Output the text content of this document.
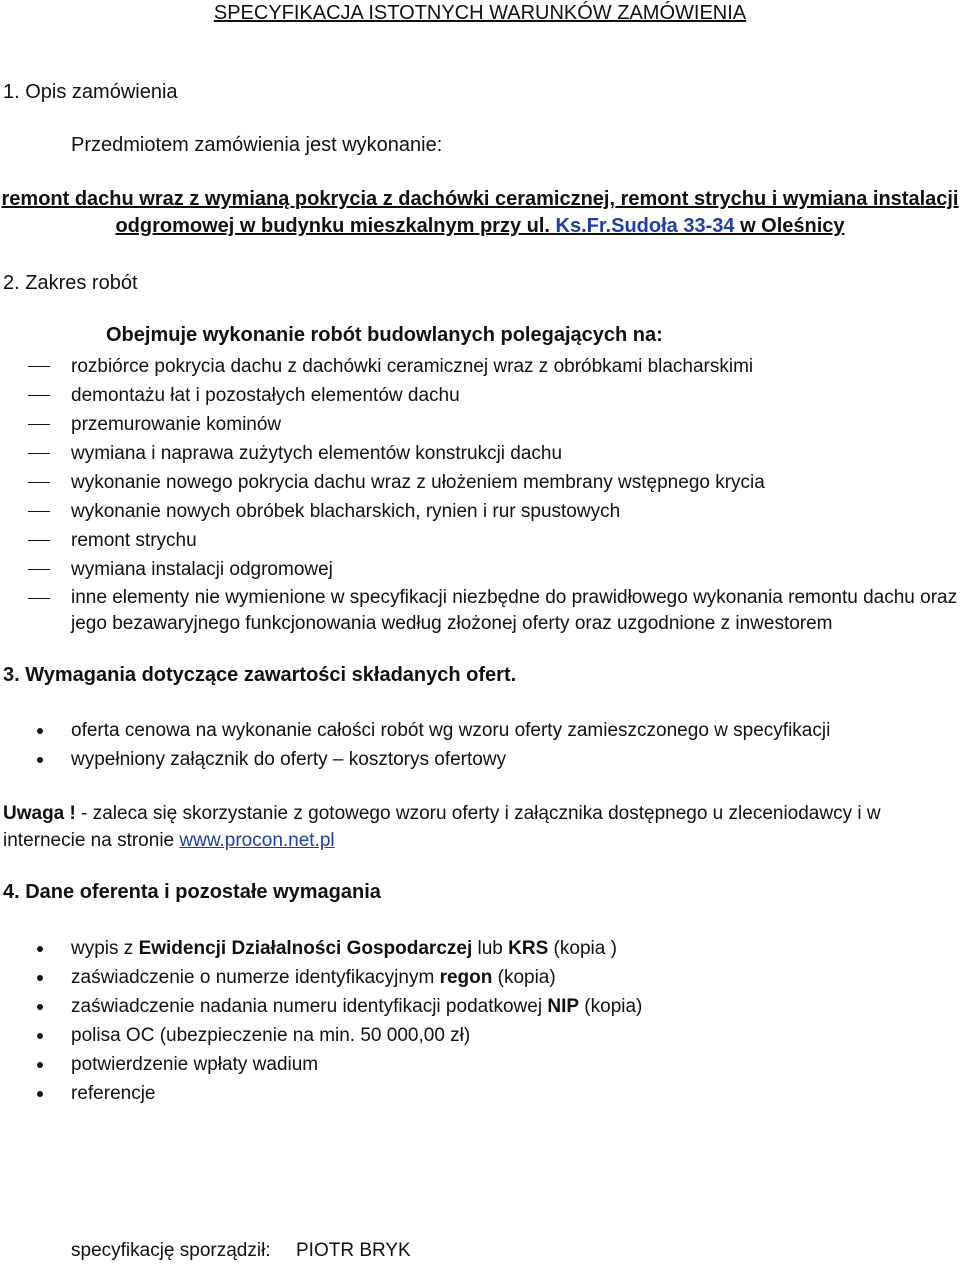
SPECYFIKACJA ISTOTNYCH WARUNKÓW ZAMÓWIENIA
1. Opis zamówienia
Przedmiotem zamówienia jest wykonanie:
remont dachu wraz z wymianą pokrycia z dachówki ceramicznej, remont strychu i wymiana instalacji
odgromowej w budynku mieszkalnym przy ul. Ks.Fr.Sudoła 33-34 w Oleśnicy
2. Zakres robót
Obejmuje wykonanie robót budowlanych polegających na:
rozbiórce pokrycia dachu z dachówki ceramicznej wraz z obróbkami blacharskimi
demontażu łat i pozostałych elementów dachu
przemurowanie kominów
wymiana i naprawa zużytych elementów konstrukcji dachu
wykonanie nowego pokrycia dachu wraz z ułożeniem membrany wstępnego krycia
wykonanie nowych obróbek blacharskich, rynien i rur spustowych
remont strychu
wymiana instalacji odgromowej
inne elementy nie wymienione w specyfikacji niezbędne do prawidłowego wykonania remontu dachu oraz jego bezawaryjnego funkcjonowania według złożonej oferty oraz uzgodnione z inwestorem
3. Wymagania dotyczące zawartości składanych ofert.
oferta cenowa na wykonanie całości robót wg wzoru oferty zamieszczonego w specyfikacji
wypełniony załącznik do oferty – kosztorys ofertowy
Uwaga ! - zaleca się skorzystanie z gotowego wzoru oferty i załącznika dostępnego u zleceniodawcy i w internecie na stronie www.procon.net.pl
4. Dane oferenta i pozostałe wymagania
wypis z Ewidencji Działalności Gospodarczej lub KRS (kopia )
zaświadczenie o numerze identyfikacyjnym regon (kopia)
zaświadczenie nadania numeru identyfikacji podatkowej NIP (kopia)
polisa OC (ubezpieczenie na min. 50 000,00 zł)
potwierdzenie wpłaty wadium
referencje
specyfikację sporządził: PIOTR BRYK
